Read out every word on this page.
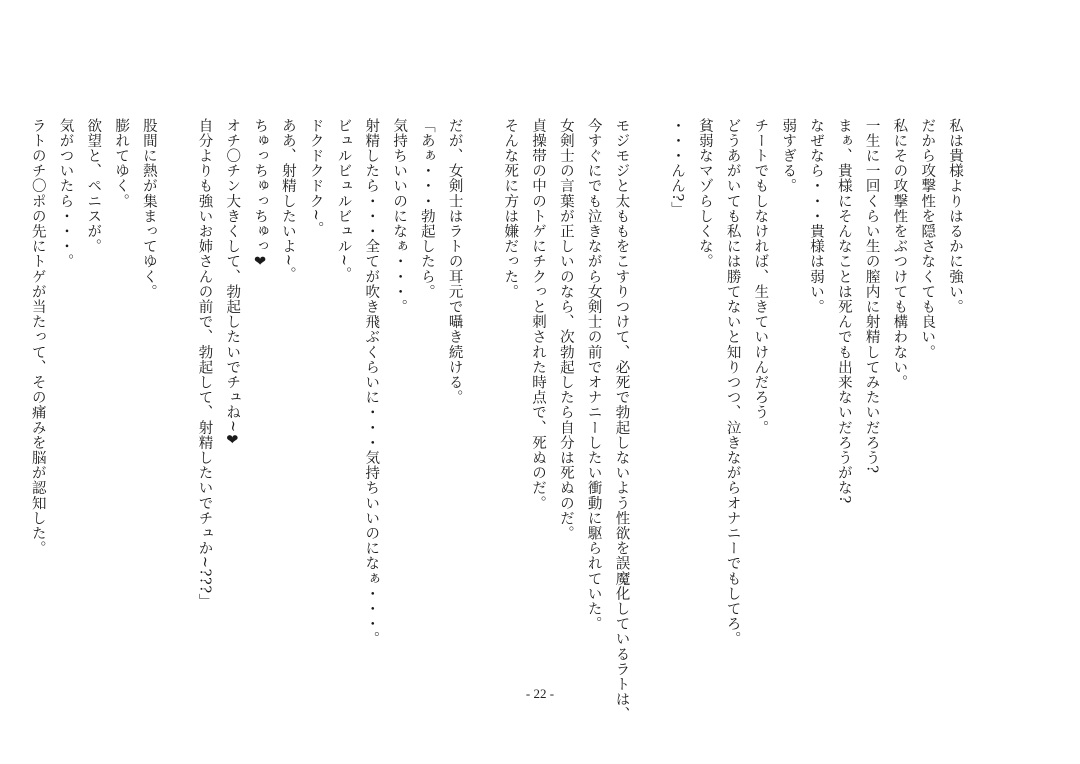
私は貴様よりはるかに強い。
だから攻撃性を隠さなくても良い。
私にその攻撃性をぶつけても構わない。
一生に一回くらい生の膣内に射精してみたいだろう?
まぁ、貴様にそんなことは死んでも出来ないだろうがな?
なぜなら・・・貴様は弱い。
弱すぎる。
チートでもしなければ、生きていけんだろう。
どうあがいても私には勝てないと知りつつ、泣きながらオナニーでもしてろ。
貧弱なマゾらしくな。
・・・んん?」
モジモジと太ももをこすりつけて、必死で勃起しないよう性欲を誤魔化しているラトは、
今すぐにでも泣きながら女剣士の前でオナニーしたい衝動に駆られていた。
女剣士の言葉が正しいのなら、次勃起したら自分は死ぬのだ。
貞操帯の中のトゲにチクっと刺された時点で、死ぬのだ。
そんな死に方は嫌だった。
だが、女剣士はラトの耳元で囁き続ける。
「あぁ・・・勃起したら。
気持ちいいのになぁ・・・。
射精したら・・・全てが吹き飛ぶくらいに・・・気持ちいいのになぁ・・・。
ビュルビュルビュル~。
ドクドクドク~。
ああ、射精したいよ~。
ちゅっちゅっちゅっ❤
オチ〇チン大きくして、勃起したいでチュね~❤
自分よりも強いお姉さんの前で、勃起して、射精したいでチュか~???」
股間に熱が集まってゆく。
膨れてゆく。
欲望と、ペニスが。
気がついたら・・・。
ラトのチ〇ポの先にトゲが当たって、その痛みを脳が認知した。
- 22 -
